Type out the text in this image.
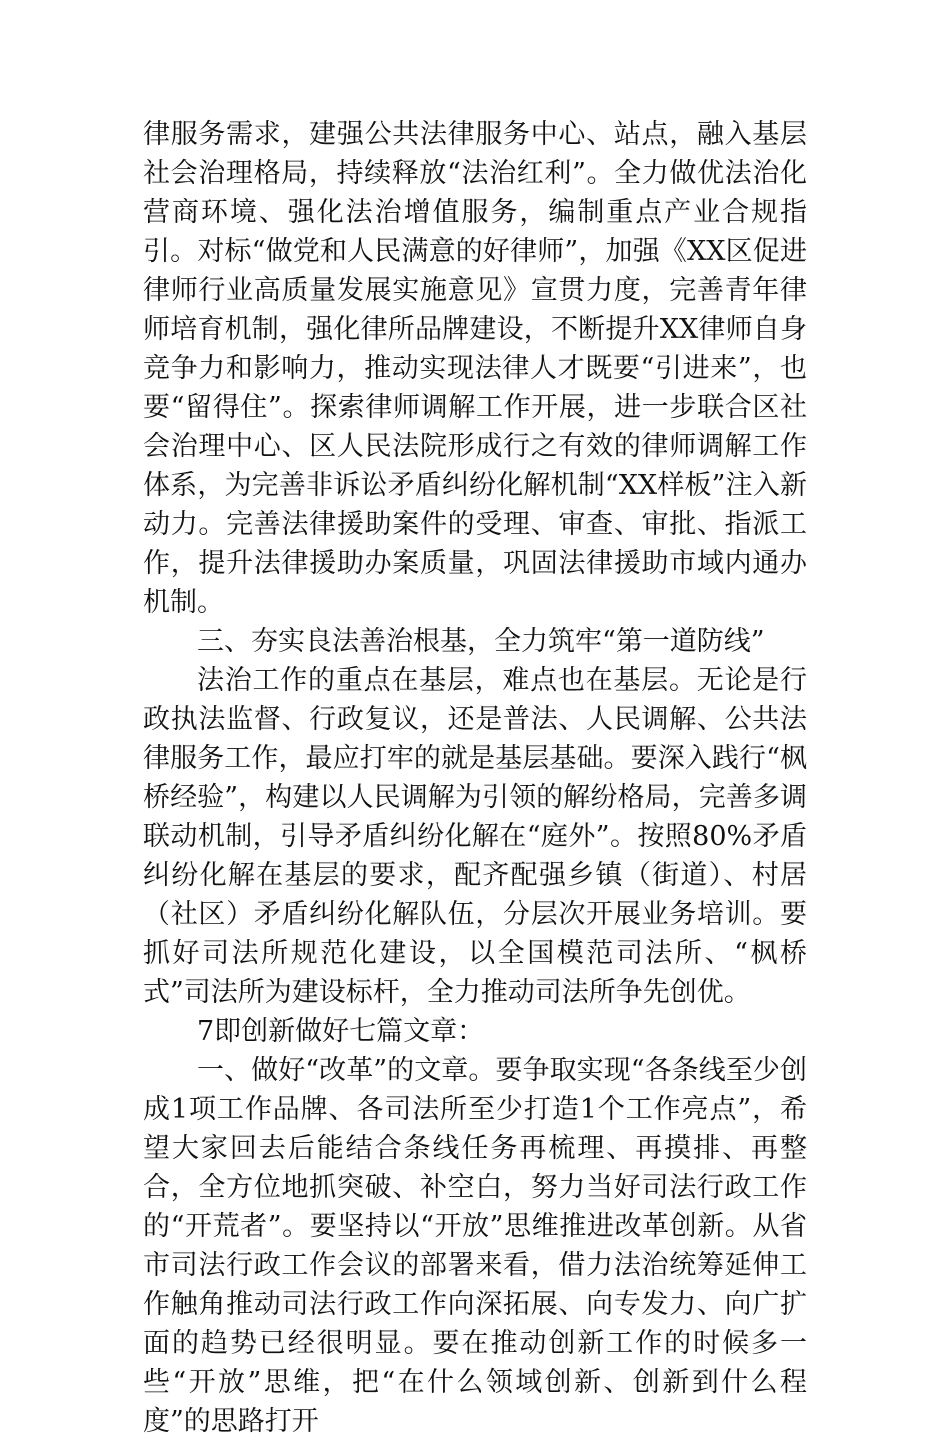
律服务需求，建强公共法律服务中心、站点，融入基层社会治理格局，持续释放“法治红利”。全力做优法治化营商环境、强化法治增值服务，编制重点产业合规指引。对标“做党和人民满意的好律师”，加强《XX区促进律师行业高质量发展实施意见》宣贯力度，完善青年律师培育机制，强化律所品牌建设，不断提升XX律师自身竞争力和影响力，推动实现法律人才既要“引进来”，也要“留得住”。探索律师调解工作开展，进一步联合区社会治理中心、区人民法院形成行之有效的律师调解工作体系，为完善非诉讼矛盾纠纷化解机制“XX样板”注入新动力。完善法律援助案件的受理、审查、审批、指派工作，提升法律援助办案质量，巩固法律援助市域内通办机制。

三、夯实良法善治根基，全力筑牢“第一道防线”

法治工作的重点在基层，难点也在基层。无论是行政执法监督、行政复议，还是普法、人民调解、公共法律服务工作，最应打牢的就是基层基础。要深入践行“枫桥经验”，构建以人民调解为引领的解纷格局，完善多调联动机制，引导矛盾纠纷化解在“庭外”。按照80%矛盾纠纷化解在基层的要求，配齐配强乡镇（街道）、村居（社区）矛盾纠纷化解队伍，分层次开展业务培训。要抓好司法所规范化建设，以全国模范司法所、“枫桥式”司法所为建设标杆，全力推动司法所争先创优。

7即创新做好七篇文章：

一、做好“改革”的文章。要争取实现“各条线至少创成1项工作品牌、各司法所至少打造1个工作亮点”，希望大家回去后能结合条线任务再梳理、再摸排、再整合，全方位地抓突破、补空白，努力当好司法行政工作的“开荒者”。要坚持以“开放”思维推进改革创新。从省市司法行政工作会议的部署来看，借力法治统筹延伸工作触角推动司法行政工作向深拓展、向专发力、向广扩面的趋势已经很明显。要在推动创新工作的时候多一些“开放”思维，把“在什么领域创新、创新到什么程度”的思路打开
